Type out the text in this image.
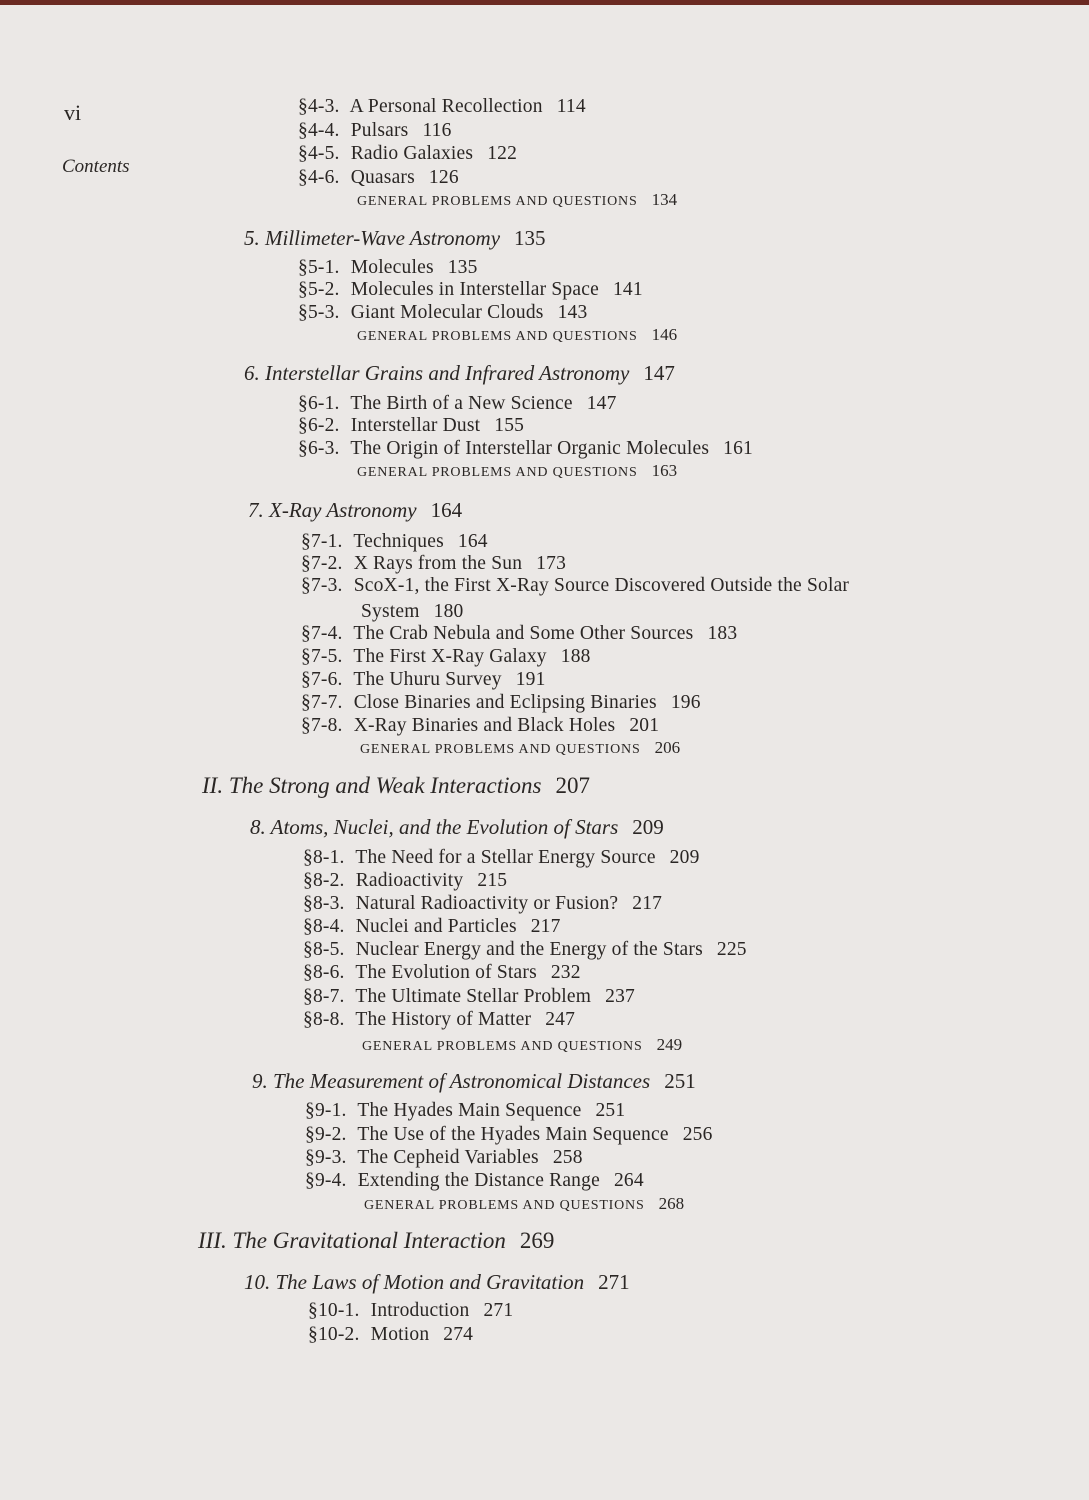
vi
Contents
§4-3. A Personal Recollection 114
§4-4. Pulsars 116
§4-5. Radio Galaxies 122
§4-6. Quasars 126
GENERAL PROBLEMS AND QUESTIONS 134
5. Millimeter-Wave Astronomy 135
§5-1. Molecules 135
§5-2. Molecules in Interstellar Space 141
§5-3. Giant Molecular Clouds 143
GENERAL PROBLEMS AND QUESTIONS 146
6. Interstellar Grains and Infrared Astronomy 147
§6-1. The Birth of a New Science 147
§6-2. Interstellar Dust 155
§6-3. The Origin of Interstellar Organic Molecules 161
GENERAL PROBLEMS AND QUESTIONS 163
7. X-Ray Astronomy 164
§7-1. Techniques 164
§7-2. X Rays from the Sun 173
§7-3. ScoX-1, the First X-Ray Source Discovered Outside the Solar
System 180
§7-4. The Crab Nebula and Some Other Sources 183
§7-5. The First X-Ray Galaxy 188
§7-6. The Uhuru Survey 191
§7-7. Close Binaries and Eclipsing Binaries 196
§7-8. X-Ray Binaries and Black Holes 201
GENERAL PROBLEMS AND QUESTIONS 206
II. The Strong and Weak Interactions 207
8. Atoms, Nuclei, and the Evolution of Stars 209
§8-1. The Need for a Stellar Energy Source 209
§8-2. Radioactivity 215
§8-3. Natural Radioactivity or Fusion? 217
§8-4. Nuclei and Particles 217
§8-5. Nuclear Energy and the Energy of the Stars 225
§8-6. The Evolution of Stars 232
§8-7. The Ultimate Stellar Problem 237
§8-8. The History of Matter 247
GENERAL PROBLEMS AND QUESTIONS 249
9. The Measurement of Astronomical Distances 251
§9-1. The Hyades Main Sequence 251
§9-2. The Use of the Hyades Main Sequence 256
§9-3. The Cepheid Variables 258
§9-4. Extending the Distance Range 264
GENERAL PROBLEMS AND QUESTIONS 268
III. The Gravitational Interaction 269
10. The Laws of Motion and Gravitation 271
§10-1. Introduction 271
§10-2. Motion 274
